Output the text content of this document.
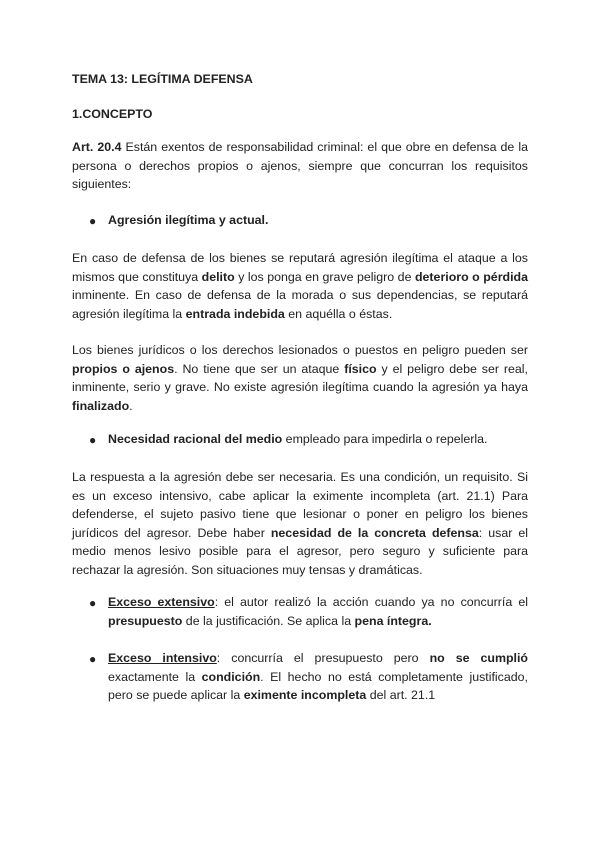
TEMA 13: LEGÍTIMA DEFENSA
1.CONCEPTO
Art. 20.4 Están exentos de responsabilidad criminal: el que obre en defensa de la persona o derechos propios o ajenos, siempre que concurran los requisitos siguientes:
● Agresión ilegítima y actual.
En caso de defensa de los bienes se reputará agresión ilegítima el ataque a los mismos que constituya delito y los ponga en grave peligro de deterioro o pérdida inminente. En caso de defensa de la morada o sus dependencias, se reputará agresión ilegítima la entrada indebida en aquélla o éstas.
Los bienes jurídicos o los derechos lesionados o puestos en peligro pueden ser propios o ajenos. No tiene que ser un ataque físico y el peligro debe ser real, inminente, serio y grave. No existe agresión ilegítima cuando la agresión ya haya finalizado.
● Necesidad racional del medio empleado para impedirla o repelerla.
La respuesta a la agresión debe ser necesaria. Es una condición, un requisito. Si es un exceso intensivo, cabe aplicar la eximente incompleta (art. 21.1) Para defenderse, el sujeto pasivo tiene que lesionar o poner en peligro los bienes jurídicos del agresor. Debe haber necesidad de la concreta defensa: usar el medio menos lesivo posible para el agresor, pero seguro y suficiente para rechazar la agresión. Son situaciones muy tensas y dramáticas.
● Exceso extensivo: el autor realizó la acción cuando ya no concurría el presupuesto de la justificación. Se aplica la pena íntegra.
● Exceso intensivo: concurría el presupuesto pero no se cumplió exactamente la condición. El hecho no está completamente justificado, pero se puede aplicar la eximente incompleta del art. 21.1
